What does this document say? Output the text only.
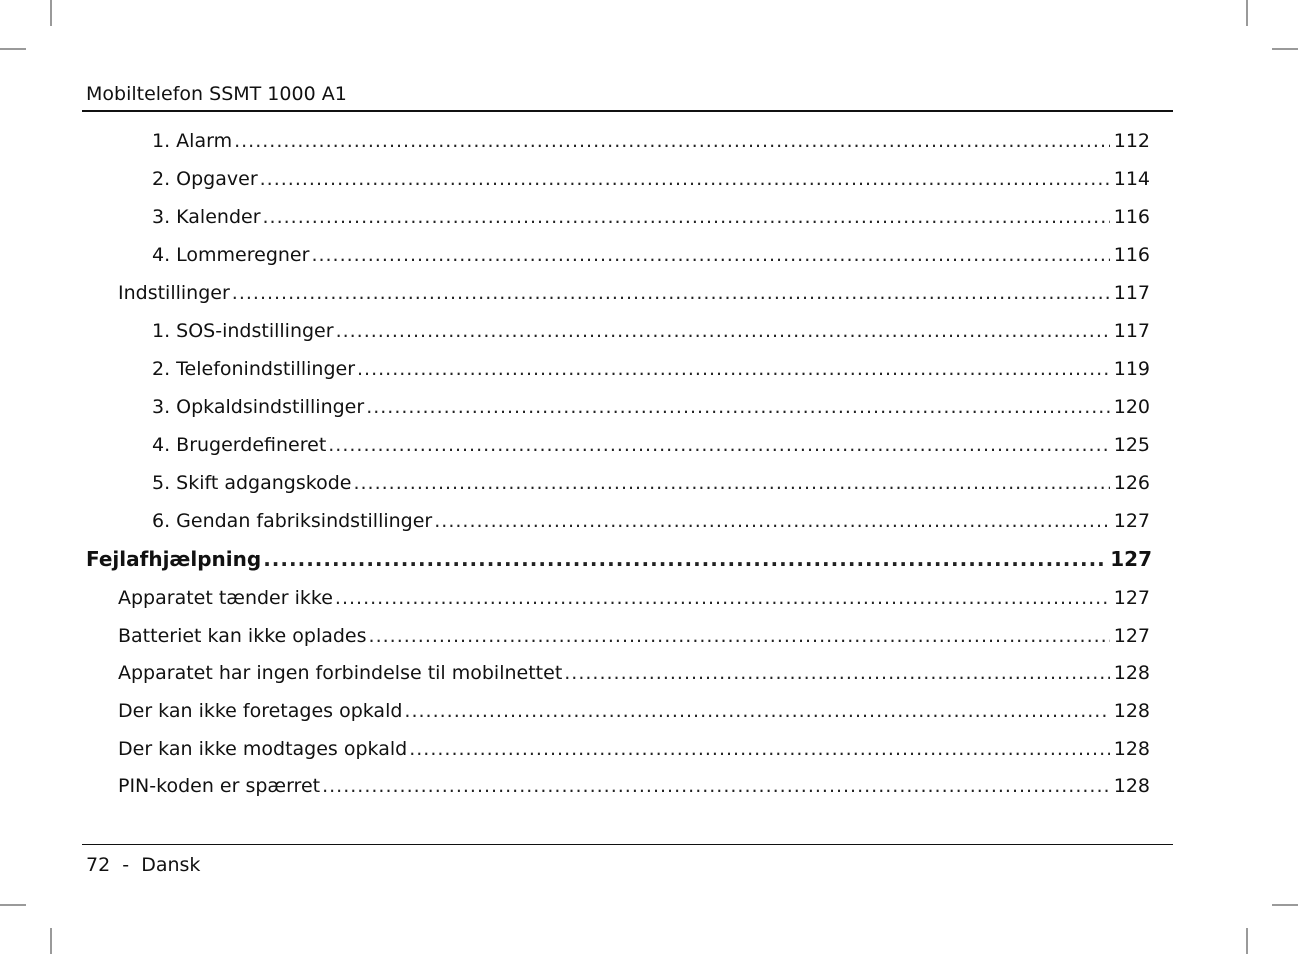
Mobiltelefon SSMT 1000 A1
1. Alarm .....	112
2. Opgaver .....	114
3. Kalender .....	116
4. Lommeregner .....	116
Indstillinger .....	117
1. SOS-indstillinger .....	117
2. Telefonindstillinger .....	119
3. Opkaldsindstillinger .....	120
4. Brugerdefineret .....	125
5. Skift adgangskode .....	126
6. Gendan fabriksindstillinger .....	127
Fejlafhjælpning .....	127
Apparatet tænder ikke .....	127
Batteriet kan ikke oplades .....	127
Apparatet har ingen forbindelse til mobilnettet .....	128
Der kan ikke foretages opkald .....	128
Der kan ikke modtages opkald .....	128
PIN-koden er spærret .....	128
72  -  Dansk
